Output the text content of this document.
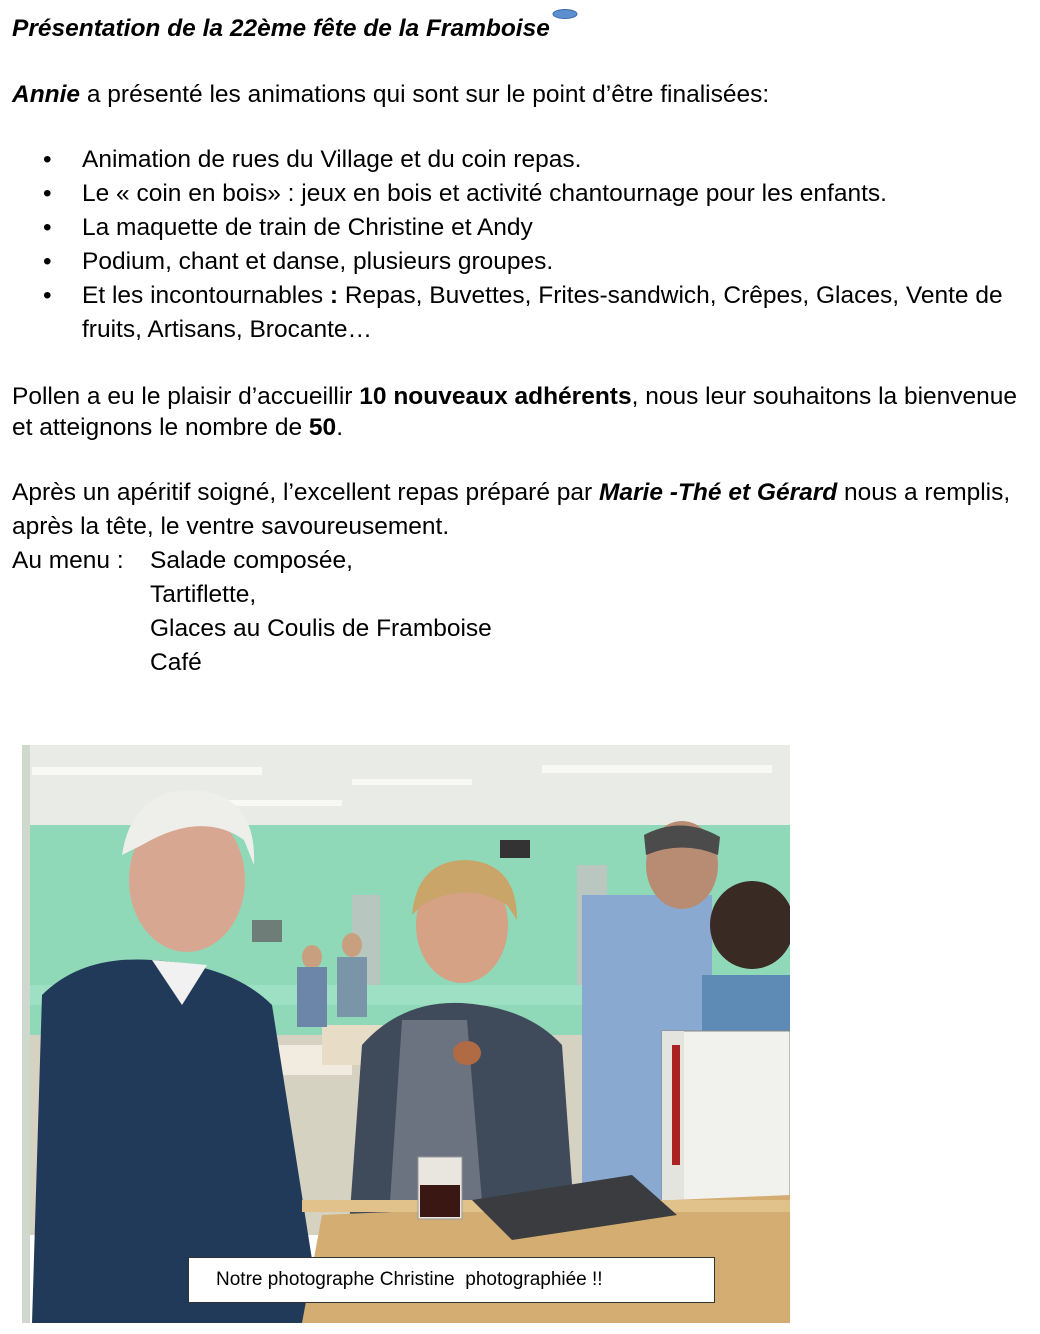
Présentation de la 22ème fête de la Framboise
Annie a présenté les animations qui sont sur le point d’être finalisées:
• Animation de rues du Village et du coin repas.
• Le « coin en bois» : jeux en bois et activité chantournage pour les enfants.
• La maquette de train de Christine et Andy
• Podium, chant et danse, plusieurs groupes.
• Et les incontournables : Repas, Buvettes, Frites-sandwich, Crêpes, Glaces, Vente de fruits, Artisans, Brocante…
Pollen a eu le plaisir d’accueillir 10 nouveaux adhérents, nous leur souhaitons la bienvenue et atteignons le nombre de 50.
Après un apéritif soigné, l’excellent repas préparé par Marie -Thé et Gérard nous a remplis, après la tête, le ventre savoureusement.
Au menu : Salade composée,
Tartiflette,
Glaces au Coulis de Framboise
Café
Notre photographe Christine  photographiée !!
